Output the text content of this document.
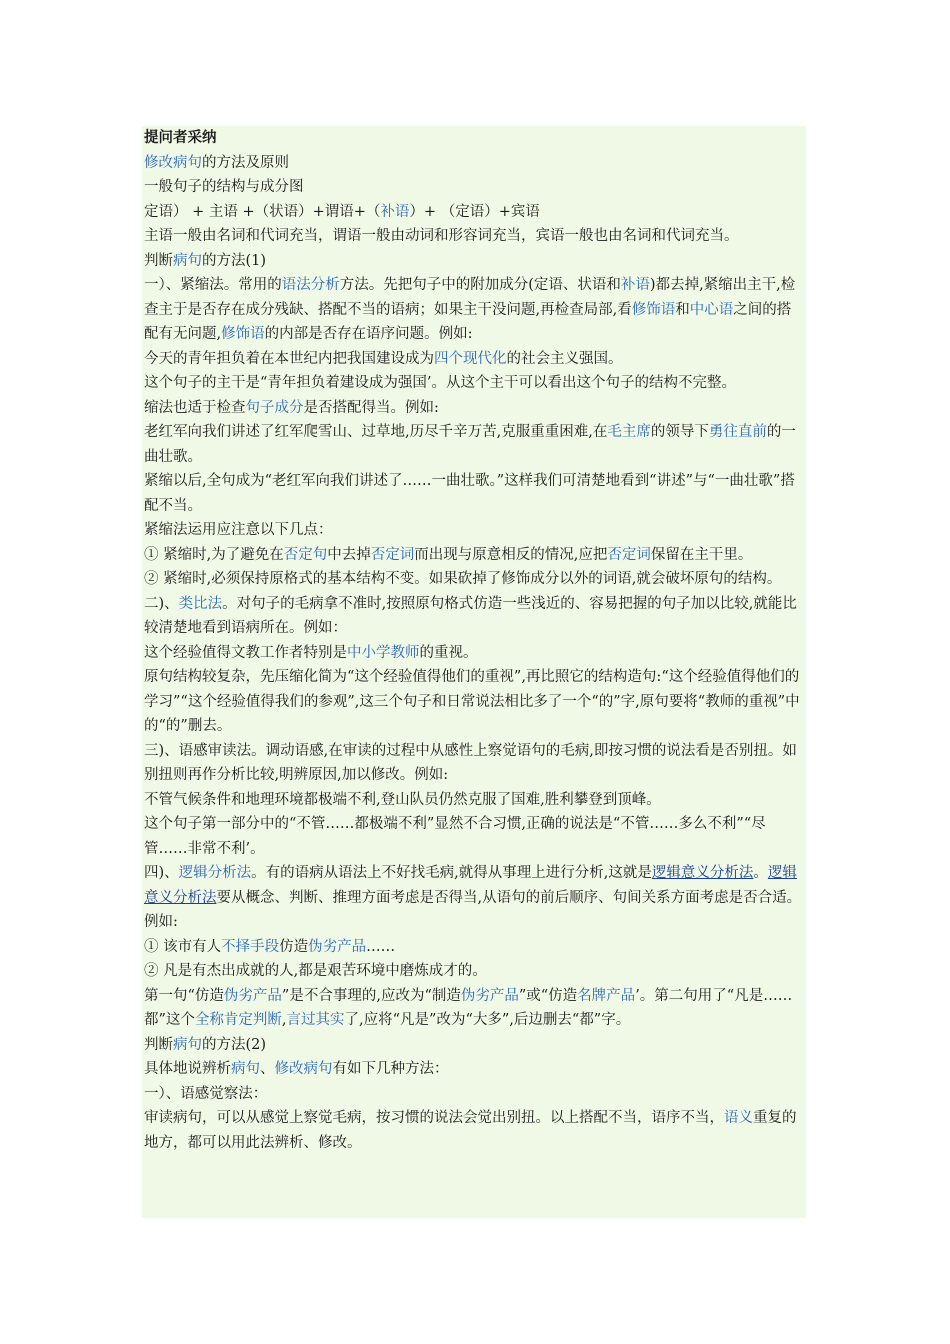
提问者采纳

修改病句的方法及原则

一般句子的结构与成分图

定语） + 主语 +（状语）+谓语+（补语）+ （定语）+宾语

主语一般由名词和代词充当，谓语一般由动词和形容词充当，宾语一般也由名词和代词充当。

判断病句的方法(1)

一）、紧缩法。常用的语法分析方法。先把句子中的附加成分(定语、状语和补语)都去掉,紧缩出主干,检查主于是否存在成分残缺、搭配不当的语病；如果主干没问题,再检查局部,看修饰语和中心语之间的搭配有无问题,修饰语的内部是否存在语序问题。例如:

今天的青年担负着在本世纪内把我国建设成为四个现代化的社会主义强国。

这个句子的主干是“青年担负着建设成为强国’。从这个主干可以看出这个句子的结构不完整。

缩法也适于检查句子成分是否搭配得当。例如:

老红军向我们讲述了红军爬雪山、过草地,历尽千辛万苦,克服重重困难,在毛主席的领导下勇往直前的一曲壮歌。

紧缩以后,全句成为“老红军向我们讲述了……一曲壮歌。”这样我们可清楚地看到“讲述”与“一曲壮歌”搭配不当。

紧缩法运用应注意以下几点：

① 紧缩时,为了避免在否定句中去掉否定词而出现与原意相反的情况,应把否定词保留在主干里。

② 紧缩时,必须保持原格式的基本结构不变。如果砍掉了修饰成分以外的词语,就会破坏原句的结构。

二)、类比法。对句子的毛病拿不准时,按照原句格式仿造一些浅近的、容易把握的句子加以比较,就能比较清楚地看到语病所在。例如：

这个经验值得文教工作者特别是中小学教师的重视。

原句结构较复杂，先压缩化简为“这个经验值得他们的重视”,再比照它的结构造句:“这个经验值得他们的学习”“这个经验值得我们的参观”,这三个句子和日常说法相比多了一个“的”字,原句要将“教师的重视”中的“的”删去。

三)、语感审读法。调动语感,在审读的过程中从感性上察觉语句的毛病,即按习惯的说法看是否别扭。如别扭则再作分析比较,明辨原因,加以修改。例如:

不管气候条件和地理环境都极端不利,登山队员仍然克服了国难,胜利攀登到顶峰。

这个句子第一部分中的“不管……都极端不利”显然不合习惯,正确的说法是“不管……多么不利”“尽管……非常不利’。

四)、逻辑分析法。有的语病从语法上不好找毛病,就得从事理上进行分析,这就是逻辑意义分析法。逻辑意义分析法要从概念、判断、推理方面考虑是否得当,从语句的前后顺序、句间关系方面考虑是否合适。例如:

① 该市有人不择手段仿造伪劣产品……

② 凡是有杰出成就的人,都是艰苦环境中磨炼成才的。

第一句“仿造伪劣产品”是不合事理的,应改为“制造伪劣产品”或“仿造名牌产品’。第二句用了“凡是……都”这个全称肯定判断,言过其实了,应将“凡是”改为“大多”,后边删去“都”字。

判断病句的方法(2)

具体地说辨析病句、修改病句有如下几种方法：

一）、语感觉察法：

审读病句，可以从感觉上察觉毛病，按习惯的说法会觉出别扭。以上搭配不当，语序不当，语义重复的地方，都可以用此法辨析、修改。
